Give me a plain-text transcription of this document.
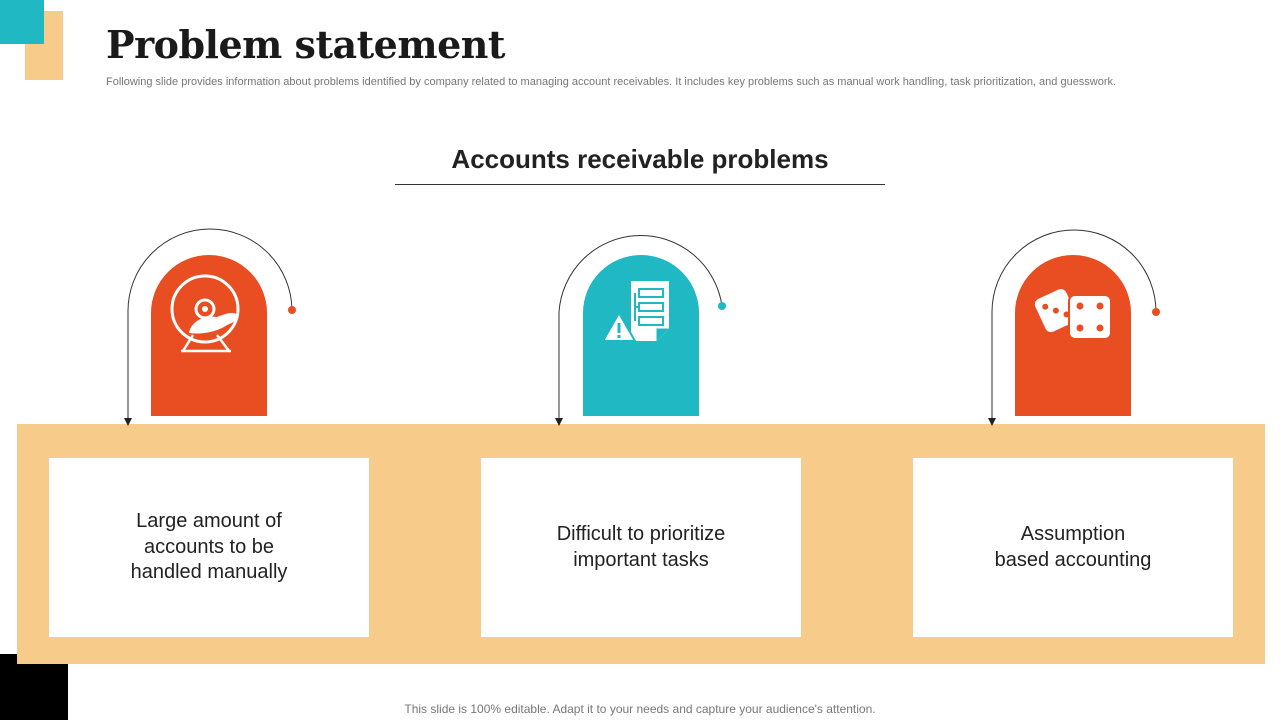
Problem statement

Following slide provides information about problems identified by company related to managing account receivables. It includes key problems such as manual work handling, task prioritization, and guesswork.

Accounts receivable problems
Large amount of
accounts to be
handled manually
Difficult to prioritize
important tasks
Assumption
based accounting

This slide is 100% editable. Adapt it to your needs and capture your audience's attention.
